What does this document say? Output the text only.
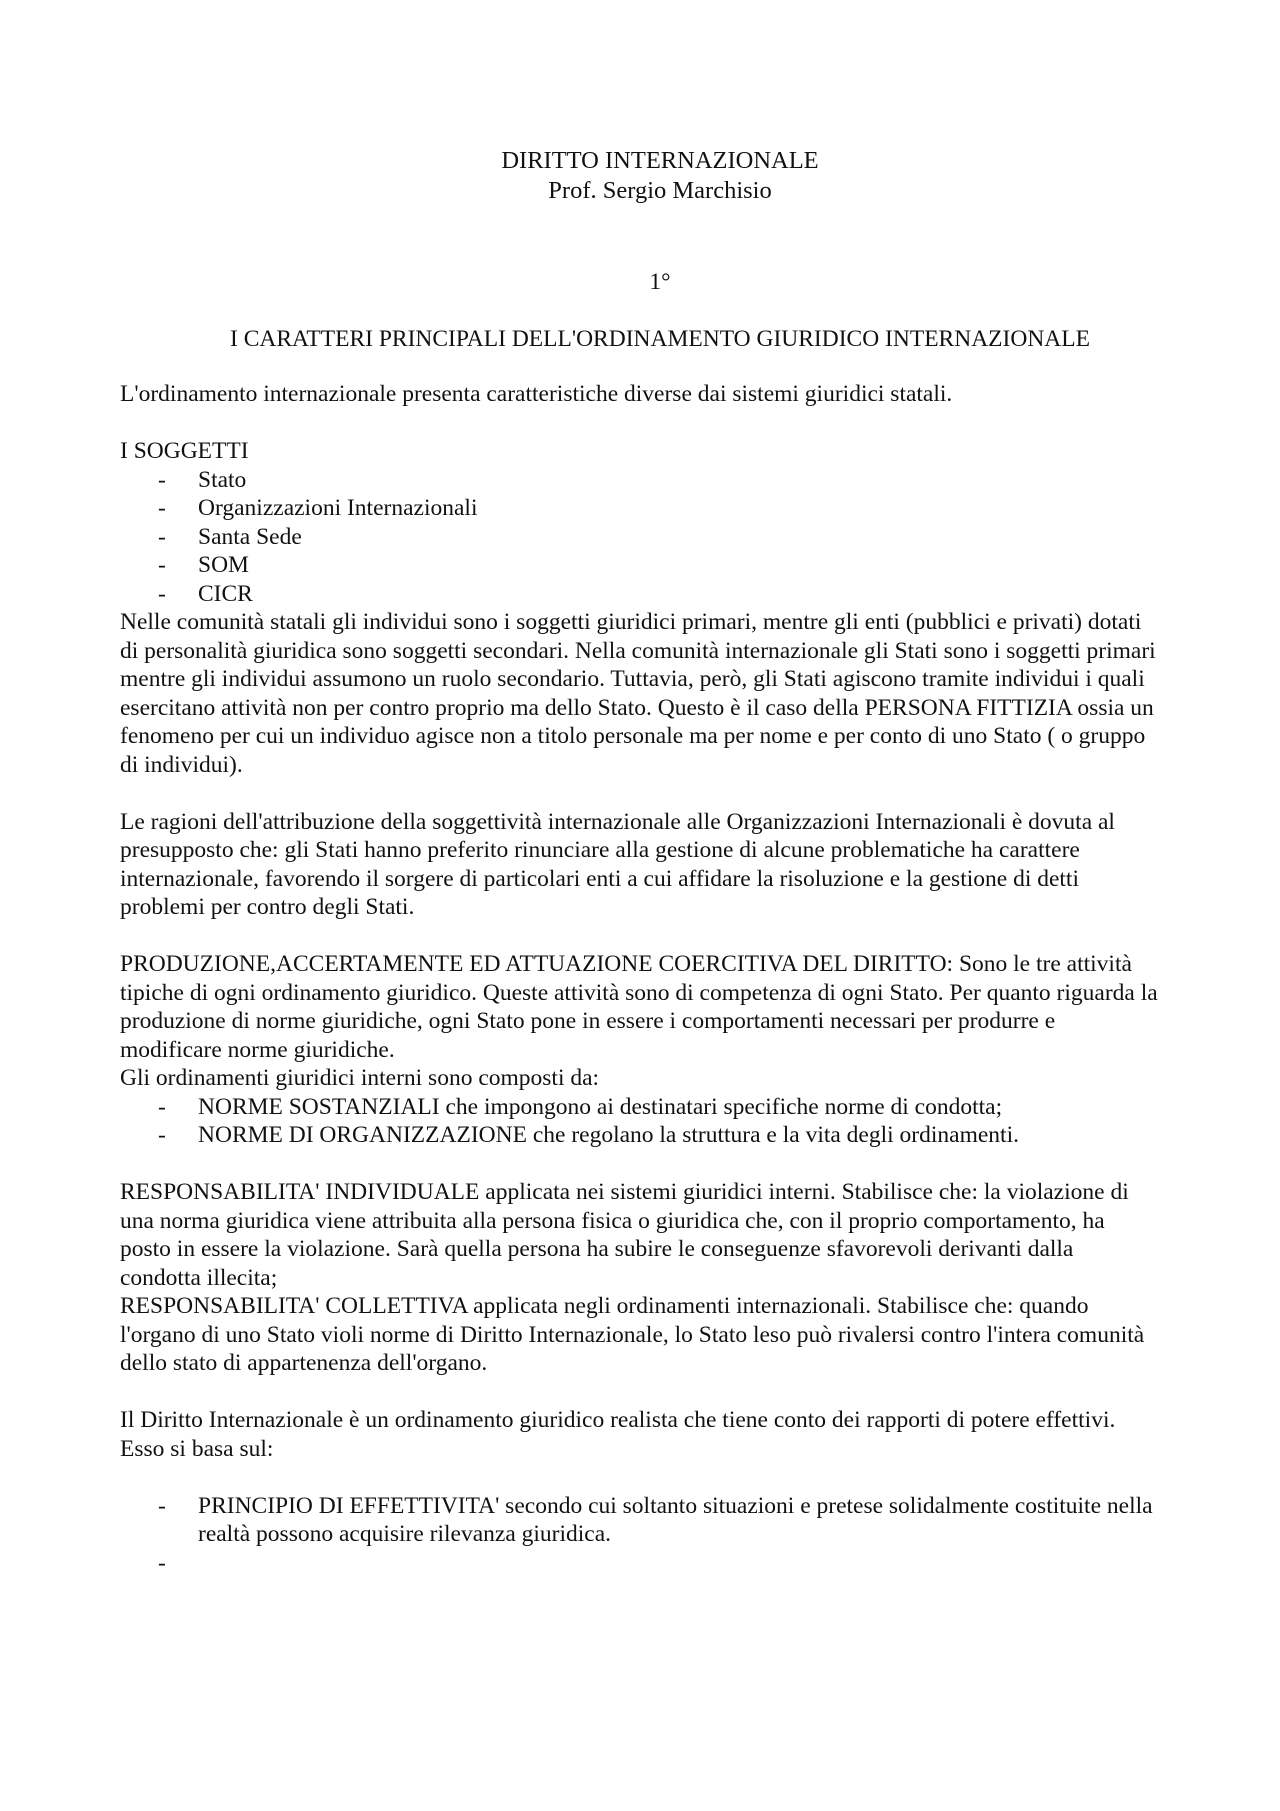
DIRITTO INTERNAZIONALE
Prof. Sergio Marchisio
1°
I CARATTERI PRINCIPALI DELL'ORDINAMENTO GIURIDICO INTERNAZIONALE

L'ordinamento internazionale presenta caratteristiche diverse dai sistemi giuridici statali.

I SOGGETTI

- Stato
- Organizzazioni Internazionali
- Santa Sede
- SOM
- CICR

Nelle comunità statali gli individui sono i soggetti giuridici primari, mentre gli enti (pubblici e privati) dotati di personalità giuridica sono soggetti secondari. Nella comunità internazionale gli Stati sono i soggetti primari mentre gli individui assumono un ruolo secondario. Tuttavia, però, gli Stati agiscono tramite individui i quali esercitano attività non per contro proprio ma dello Stato. Questo è il caso della PERSONA FITTIZIA ossia un fenomeno per cui un individuo agisce non a titolo personale ma per nome e per conto di uno Stato ( o gruppo di individui).

Le ragioni dell'attribuzione della soggettività internazionale alle Organizzazioni Internazionali è dovuta al presupposto che: gli Stati hanno preferito rinunciare alla gestione di alcune problematiche ha carattere internazionale, favorendo il sorgere di particolari enti a cui affidare la risoluzione e la gestione di detti problemi per contro degli Stati.

PRODUZIONE,ACCERTAMENTE ED ATTUAZIONE COERCITIVA DEL DIRITTO: Sono le tre attività tipiche di ogni ordinamento giuridico. Queste attività sono di competenza di ogni Stato. Per quanto riguarda la produzione di norme giuridiche, ogni Stato pone in essere i comportamenti necessari per produrre e modificare norme giuridiche.

Gli ordinamenti giuridici interni sono composti da:

- NORME SOSTANZIALI che impongono ai destinatari specifiche norme di condotta;
- NORME DI ORGANIZZAZIONE che regolano la struttura e la vita degli ordinamenti.

RESPONSABILITA' INDIVIDUALE applicata nei sistemi giuridici interni. Stabilisce che: la violazione di una norma giuridica viene attribuita alla persona fisica o giuridica che, con il proprio comportamento, ha posto in essere la violazione. Sarà quella persona ha subire le conseguenze sfavorevoli derivanti dalla condotta illecita;

RESPONSABILITA' COLLETTIVA applicata negli ordinamenti internazionali. Stabilisce che: quando l'organo di uno Stato violi norme di Diritto Internazionale, lo Stato leso può rivalersi contro l'intera comunità dello stato di appartenenza dell'organo.

Il Diritto Internazionale è un ordinamento giuridico realista che tiene conto dei rapporti di potere effettivi. Esso si basa sul:

- PRINCIPIO DI EFFETTIVITA' secondo cui soltanto situazioni e pretese solidalmente costituite nella realtà possono acquisire rilevanza giuridica.
-
